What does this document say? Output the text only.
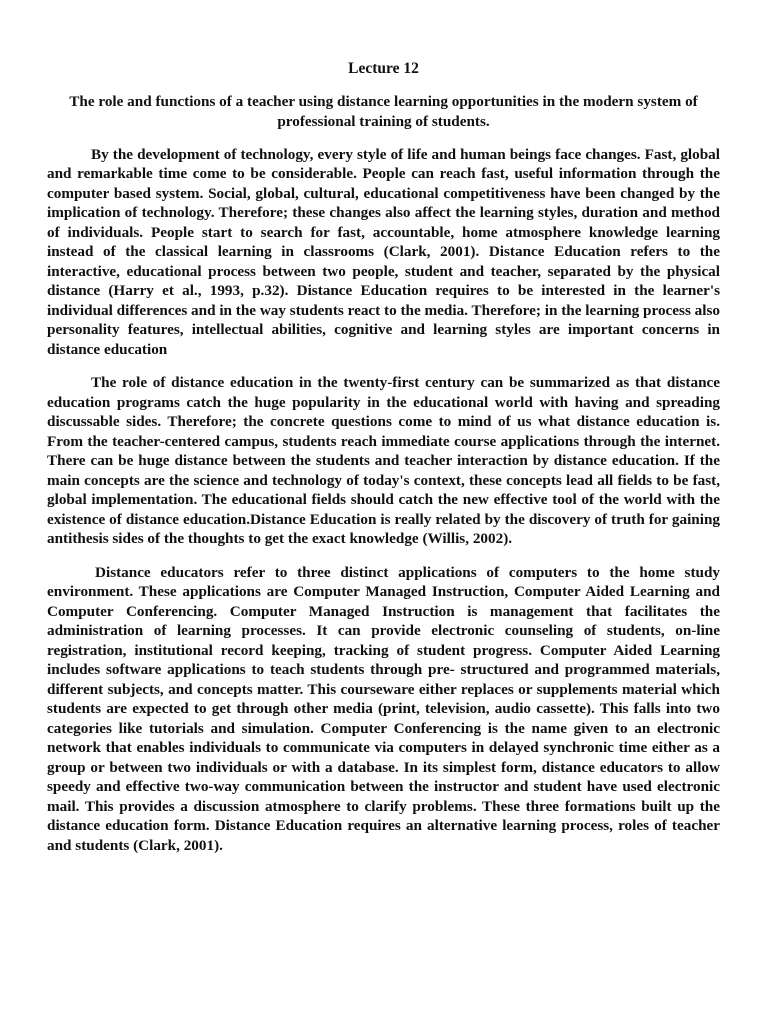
Lecture 12
The role and functions of a teacher using distance learning opportunities in the modern system of professional training of students.

By the development of technology, every style of life and human beings face changes. Fast, global and remarkable time come to be considerable. People can reach fast, useful information through the computer based system. Social, global, cultural, educational competitiveness have been changed by the implication of technology. Therefore; these changes also affect the learning styles, duration and method of individuals. People start to search for fast, accountable, home atmosphere knowledge learning instead of the classical learning in classrooms (Clark, 2001). Distance Education refers to the interactive, educational process between two people, student and teacher, separated by the physical distance (Harry et al., 1993, p.32). Distance Education requires to be interested in the learner's individual differences and in the way students react to the media. Therefore; in the learning process also personality features, intellectual abilities, cognitive and learning styles are important concerns in distance education

The role of distance education in the twenty-first century can be summarized as that distance education programs catch the huge popularity in the educational world with having and spreading discussable sides. Therefore; the concrete questions come to mind of us what distance education is. From the teacher-centered campus, students reach immediate course applications through the internet. There can be huge distance between the students and teacher interaction by distance education. If the main concepts are the science and technology of today's context, these concepts lead all fields to be fast, global implementation. The educational fields should catch the new effective tool of the world with the existence of distance education.Distance Education is really related by the discovery of truth for gaining antithesis sides of the thoughts to get the exact knowledge (Willis, 2002).

Distance educators refer to three distinct applications of computers to the home study environment. These applications are Computer Managed Instruction, Computer Aided Learning and Computer Conferencing. Computer Managed Instruction is management that facilitates the administration of learning processes. It can provide electronic counseling of students, on-line registration, institutional record keeping, tracking of student progress. Computer Aided Learning includes software applications to teach students through pre- structured and programmed materials, different subjects, and concepts matter. This courseware either replaces or supplements material which students are expected to get through other media (print, television, audio cassette). This falls into two categories like tutorials and simulation. Computer Conferencing is the name given to an electronic network that enables individuals to communicate via computers in delayed synchronic time either as a group or between two individuals or with a database. In its simplest form, distance educators to allow speedy and effective two-way communication between the instructor and student have used electronic mail. This provides a discussion atmosphere to clarify problems. These three formations built up the distance education form. Distance Education requires an alternative learning process, roles of teacher and students (Clark, 2001).
